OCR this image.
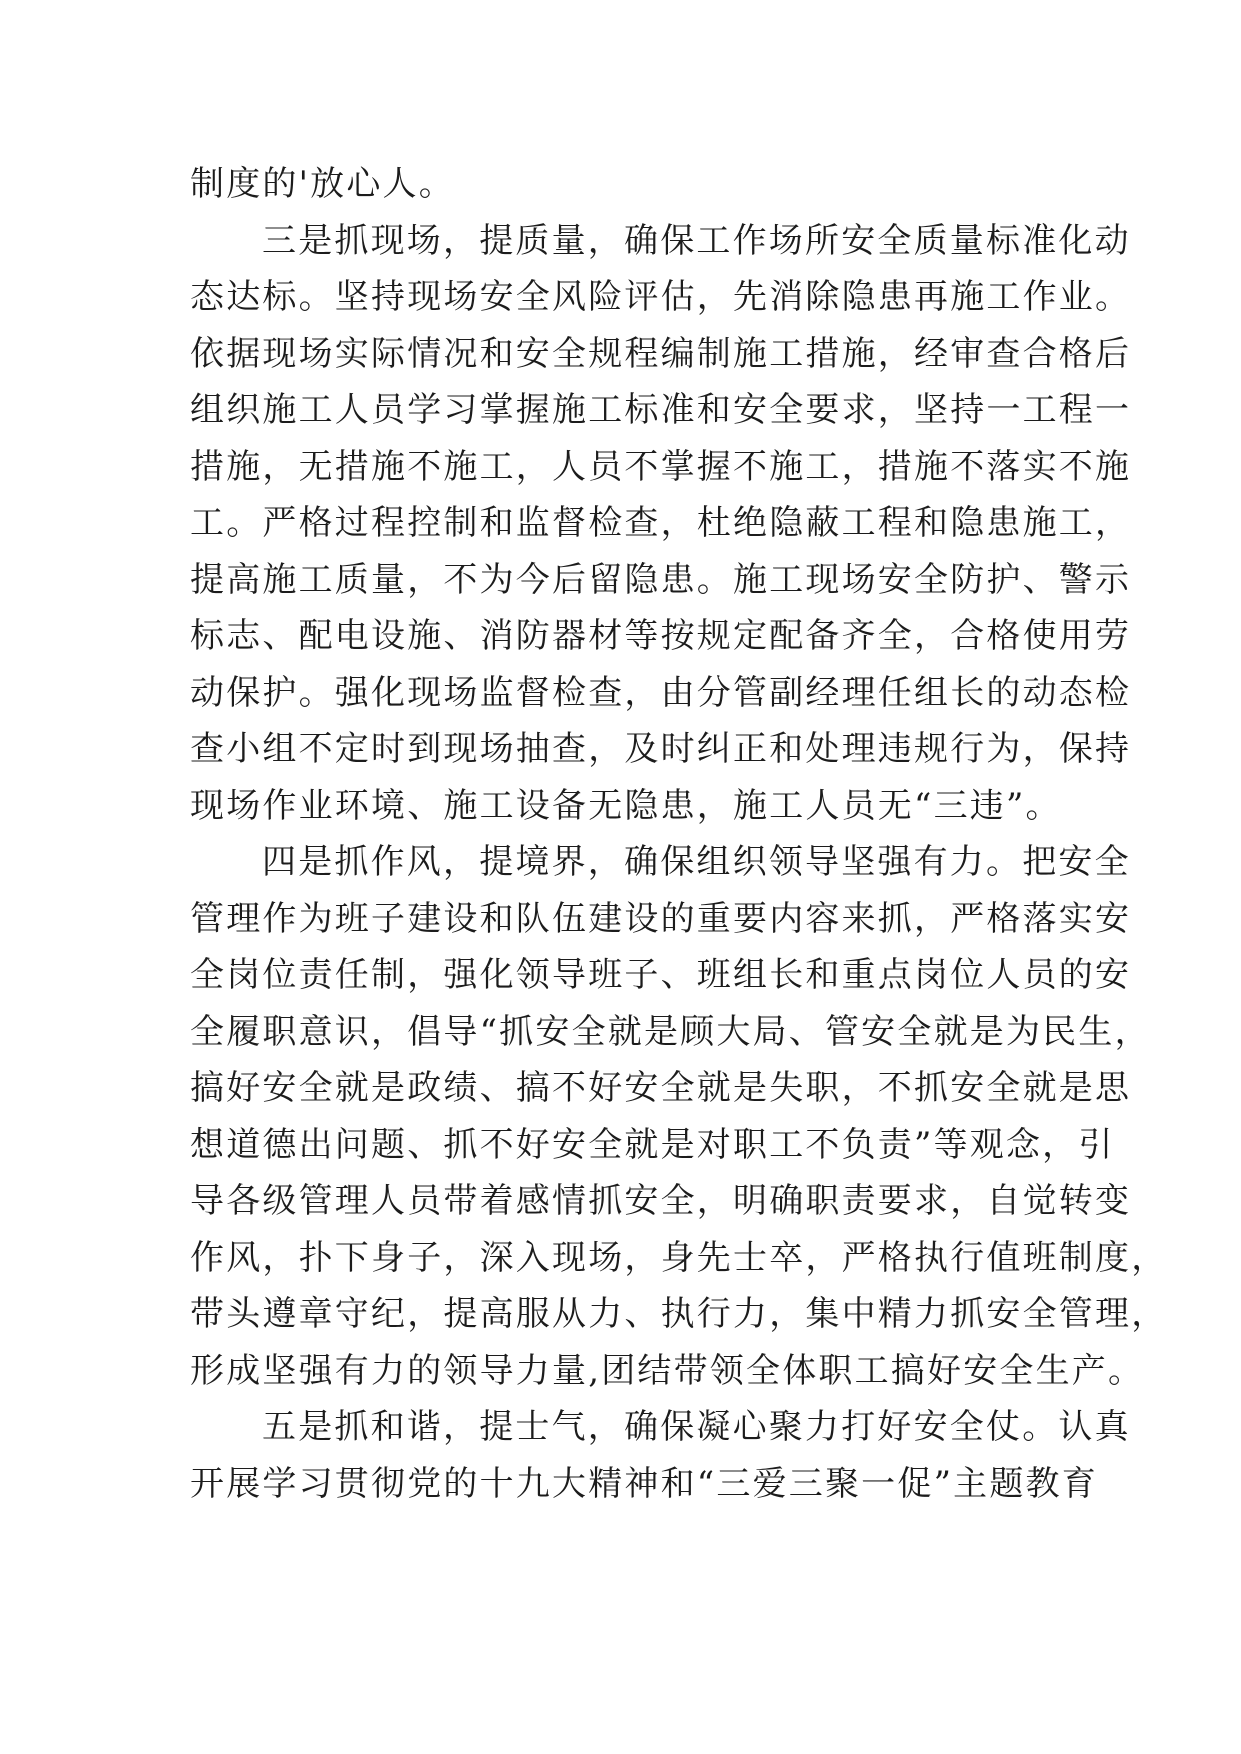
制度的'放心人。
三是抓现场，提质量，确保工作场所安全质量标准化动
态达标。坚持现场安全风险评估，先消除隐患再施工作业。
依据现场实际情况和安全规程编制施工措施，经审查合格后
组织施工人员学习掌握施工标准和安全要求，坚持一工程一
措施，无措施不施工，人员不掌握不施工，措施不落实不施
工。严格过程控制和监督检查，杜绝隐蔽工程和隐患施工，
提高施工质量，不为今后留隐患。施工现场安全防护、警示
标志、配电设施、消防器材等按规定配备齐全，合格使用劳
动保护。强化现场监督检查，由分管副经理任组长的动态检
查小组不定时到现场抽查，及时纠正和处理违规行为，保持
现场作业环境、施工设备无隐患，施工人员无“三违”。
四是抓作风，提境界，确保组织领导坚强有力。把安全
管理作为班子建设和队伍建设的重要内容来抓，严格落实安
全岗位责任制，强化领导班子、班组长和重点岗位人员的安
全履职意识，倡导“抓安全就是顾大局、管安全就是为民生，
搞好安全就是政绩、搞不好安全就是失职，不抓安全就是思
想道德出问题、抓不好安全就是对职工不负责”等观念，引
导各级管理人员带着感情抓安全，明确职责要求，自觉转变
作风，扑下身子，深入现场，身先士卒，严格执行值班制度，
带头遵章守纪，提高服从力、执行力，集中精力抓安全管理，
形成坚强有力的领导力量,团结带领全体职工搞好安全生产。
五是抓和谐，提士气，确保凝心聚力打好安全仗。认真
开展学习贯彻党的十九大精神和“三爱三聚一促”主题教育
